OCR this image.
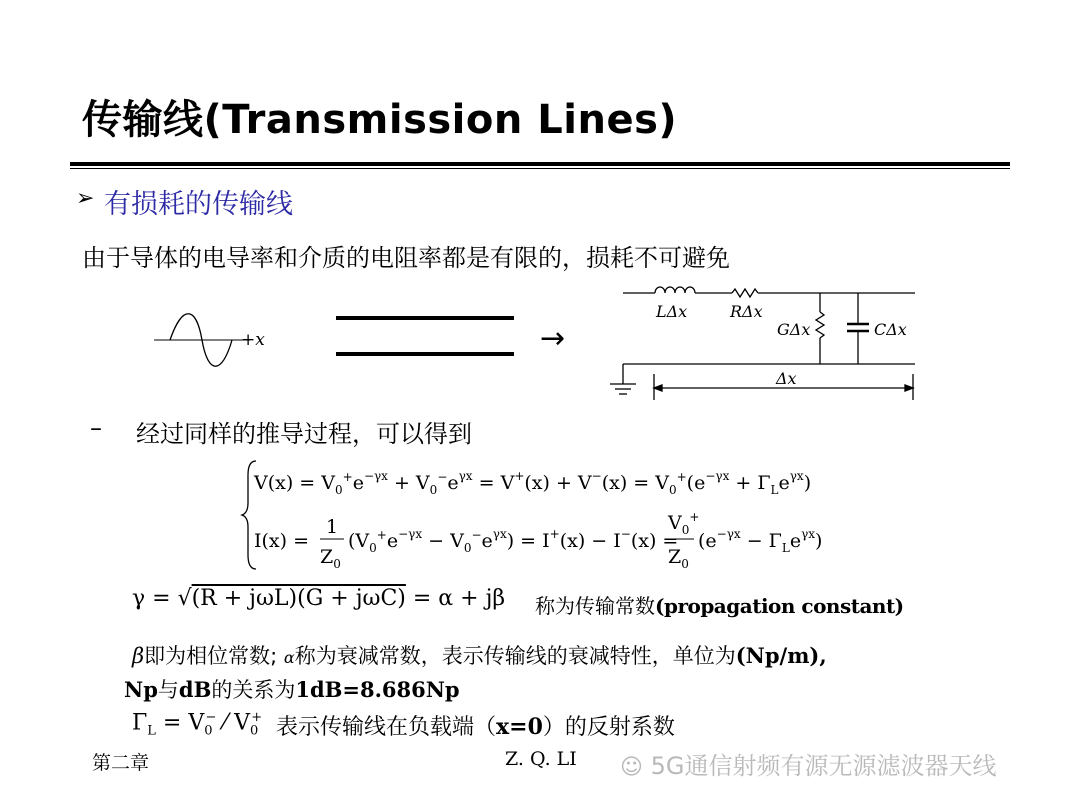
传输线(Transmission Lines)
➢ 有损耗的传输线
由于导体的电导率和介质的电阻率都是有限的，损耗不可避免
+x	→
LΔx	RΔx
GΔx	CΔx
Δx
– 经过同样的推导过程，可以得到
$V(x) = V_0^+e^{-\gamma x} + V_0^-e^{\gamma x} = V^+(x) + V^-(x) = V_0^+(e^{-\gamma x} + \Gamma_Le^{\gamma x})$
I(x) =
1
$Z_0$
$(V_0^+e^{-\gamma x} - V_0^-e^{\gamma x}) = I^+(x) - I^-(x)$ =
$V_0^+$
$Z_0$
$(e^{-\gamma x} - \Gamma_Le^{\gamma x})$
γ = √(R + jωL)(G + jωC) = α + jβ 称为传输常数(propagation constant)
β即为相位常数; α称为衰减常数，表示传输线的衰减特性，单位为(Np/m),
Np与dB的关系为1dB=8.686Np
$\Gamma_L = V_0^-$ ⁄ $V_0^+$ 表示传输线在负载端（x=0）的反射系数
第二章	Z. Q. LI ☺ 5G通信射频有源无源滤波器天线
